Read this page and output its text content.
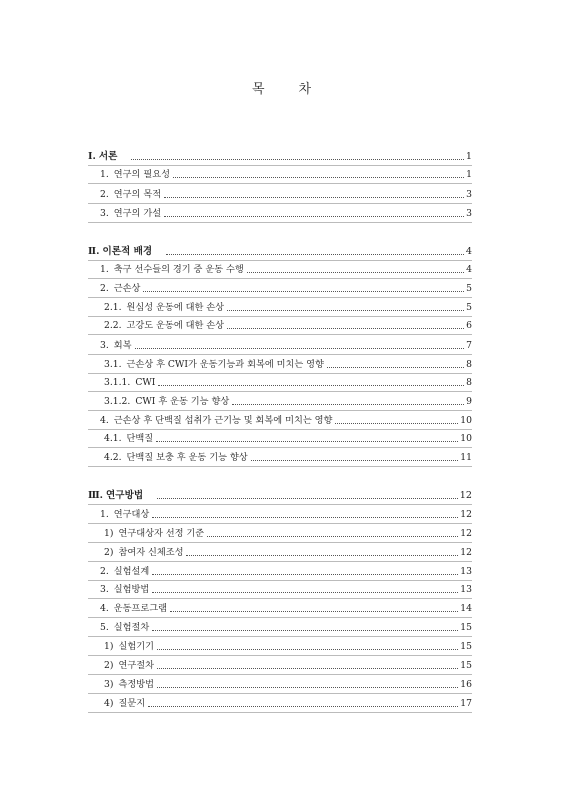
목	차
Ⅰ. 서론	1
1. 연구의 필요성	1
2. 연구의 목적	3
3. 연구의 가설	3
Ⅱ. 이론적 배경	4
1. 축구 선수들의 경기 중 운동 수행	4
2. 근손상	5
2.1. 원심성 운동에 대한 손상	5
2.2. 고강도 운동에 대한 손상	6
3. 회복	7
3.1. 근손상 후 CWI가 운동기능과 회복에 미치는 영향	8
3.1.1. CWI	8
3.1.2. CWI 후 운동 기능 향상	9
4. 근손상 후 단백질 섭취가 근기능 및 회복에 미치는 영향	10
4.1. 단백질	10
4.2. 단백질 보충 후 운동 기능 향상	11
Ⅲ. 연구방법	12
1. 연구대상	12
1) 연구대상자 선정 기준	12
2) 참여자 신체조성	12
2. 실험설계	13
3. 실험방법	13
4. 운동프로그램	14
5. 실험절차	15
1) 실험기기	15
2) 연구절차	15
3) 측정방법	16
4) 질문지	17
